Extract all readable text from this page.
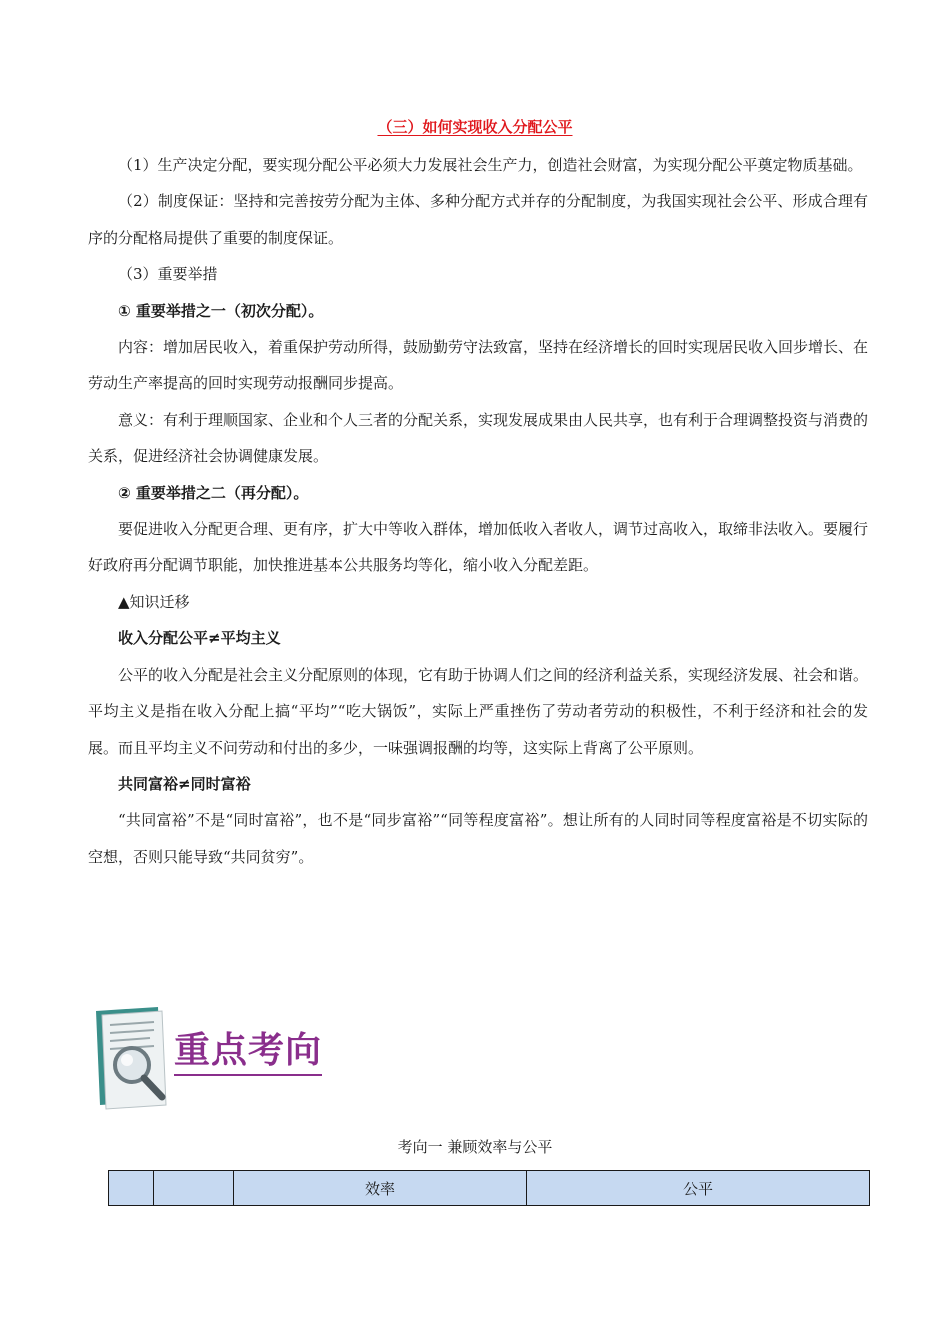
（三）如何实现收入分配公平

（1）生产决定分配，要实现分配公平必须大力发展社会生产力，创造社会财富，为实现分配公平奠定物质基础。

（2）制度保证：坚持和完善按劳分配为主体、多种分配方式并存的分配制度，为我国实现社会公平、形成合理有序的分配格局提供了重要的制度保证。

（3）重要举措

① 重要举措之一（初次分配）。

内容：增加居民收入，着重保护劳动所得，鼓励勤劳守法致富，坚持在经济增长的回时实现居民收入回步增长、在劳动生产率提高的回时实现劳动报酬同步提高。

意义：有利于理顺国家、企业和个人三者的分配关系，实现发展成果由人民共享，也有利于合理调整投资与消费的关系，促进经济社会协调健康发展。

② 重要举措之二（再分配）。

要促进收入分配更合理、更有序，扩大中等收入群体，增加低收入者收人，调节过高收入，取缔非法收入。要履行好政府再分配调节职能，加快推进基本公共服务均等化，缩小收入分配差距。

▲知识迁移

收入分配公平≠平均主义

公平的收入分配是社会主义分配原则的体现，它有助于协调人们之间的经济利益关系，实现经济发展、社会和谐。平均主义是指在收入分配上搞“平均”“吃大锅饭”，实际上严重挫伤了劳动者劳动的积极性，不利于经济和社会的发展。而且平均主义不问劳动和付出的多少，一味强调报酬的均等，这实际上背离了公平原则。

共同富裕≠同时富裕

“共同富裕”不是“同时富裕”，也不是“同步富裕”“同等程度富裕”。想让所有的人同时同等程度富裕是不切实际的空想，否则只能导致“共同贫穷”。

重点考向

考向一 兼顾效率与公平

		效率	公平
